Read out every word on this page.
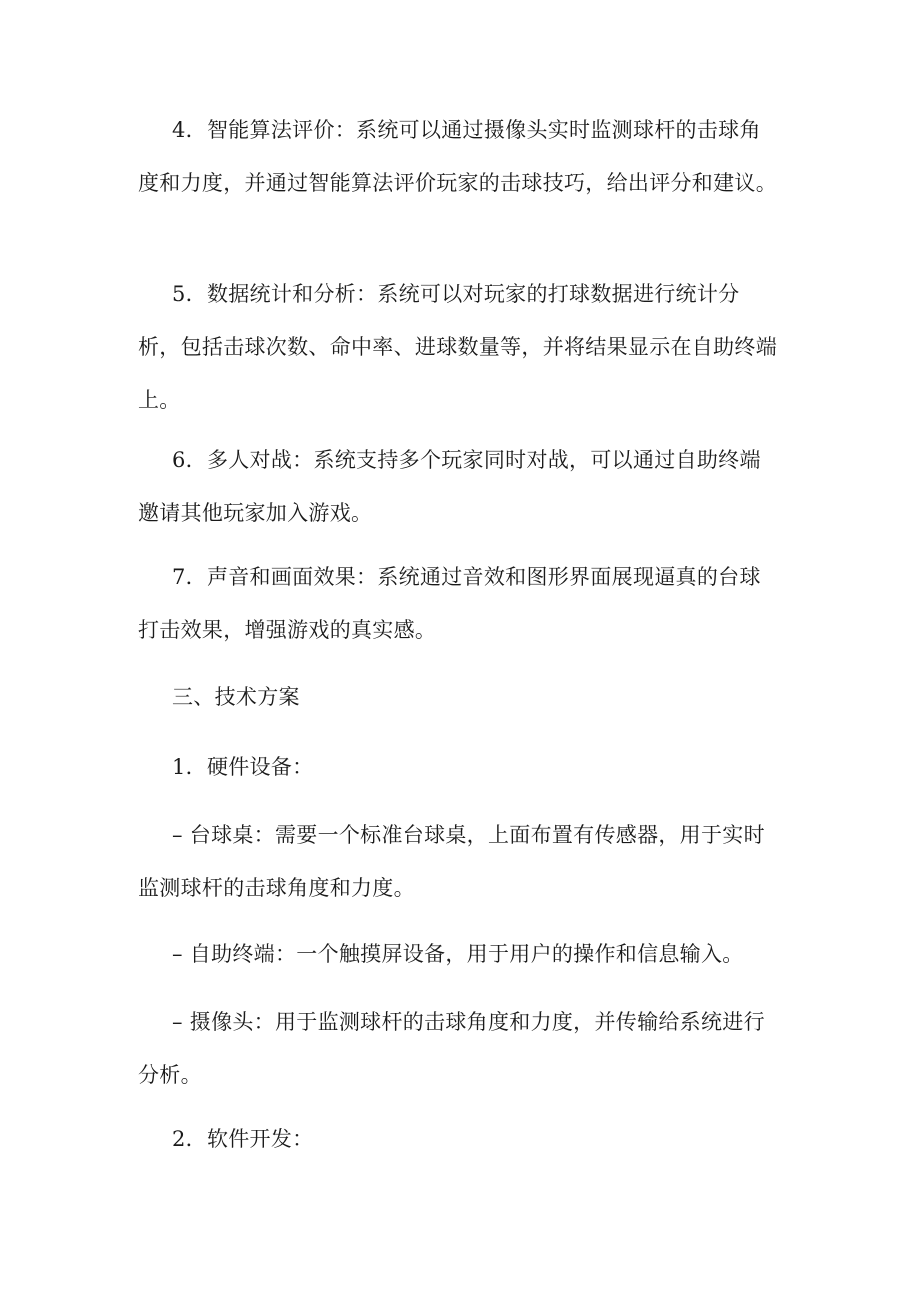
4．智能算法评价：系统可以通过摄像头实时监测球杆的击球角度和力度，并通过智能算法评价玩家的击球技巧，给出评分和建议。

5．数据统计和分析：系统可以对玩家的打球数据进行统计分析，包括击球次数、命中率、进球数量等，并将结果显示在自助终端上。

6．多人对战：系统支持多个玩家同时对战，可以通过自助终端邀请其他玩家加入游戏。

7．声音和画面效果：系统通过音效和图形界面展现逼真的台球打击效果，增强游戏的真实感。

三、技术方案

1．硬件设备：

– 台球桌：需要一个标准台球桌，上面布置有传感器，用于实时监测球杆的击球角度和力度。

– 自助终端：一个触摸屏设备，用于用户的操作和信息输入。

– 摄像头：用于监测球杆的击球角度和力度，并传输给系统进行分析。

2．软件开发：
